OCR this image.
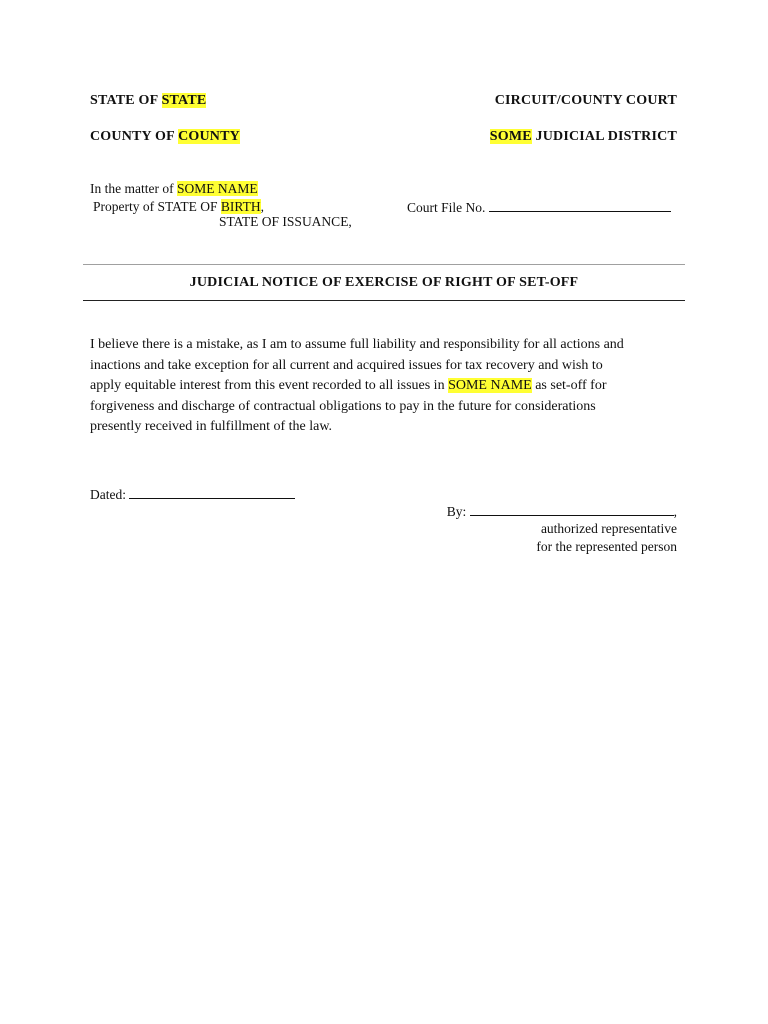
STATE OF STATE
COUNTY OF COUNTY
CIRCUIT/COUNTY COURT
SOME JUDICIAL DISTRICT
In the matter of SOME NAME
Property of STATE OF BIRTH,
STATE OF ISSUANCE,
Court File No.
JUDICIAL NOTICE OF EXERCISE OF RIGHT OF SET-OFF
I believe there is a mistake, as I am to assume full liability and responsibility for all actions and
inactions and take exception for all current and acquired issues for tax recovery and wish to
apply equitable interest from this event recorded to all issues in SOME NAME as set-off for
forgiveness and discharge of contractual obligations to pay in the future for considerations
presently received in fulfillment of the law.
Dated:
By:	,
authorized representative
for the represented person
